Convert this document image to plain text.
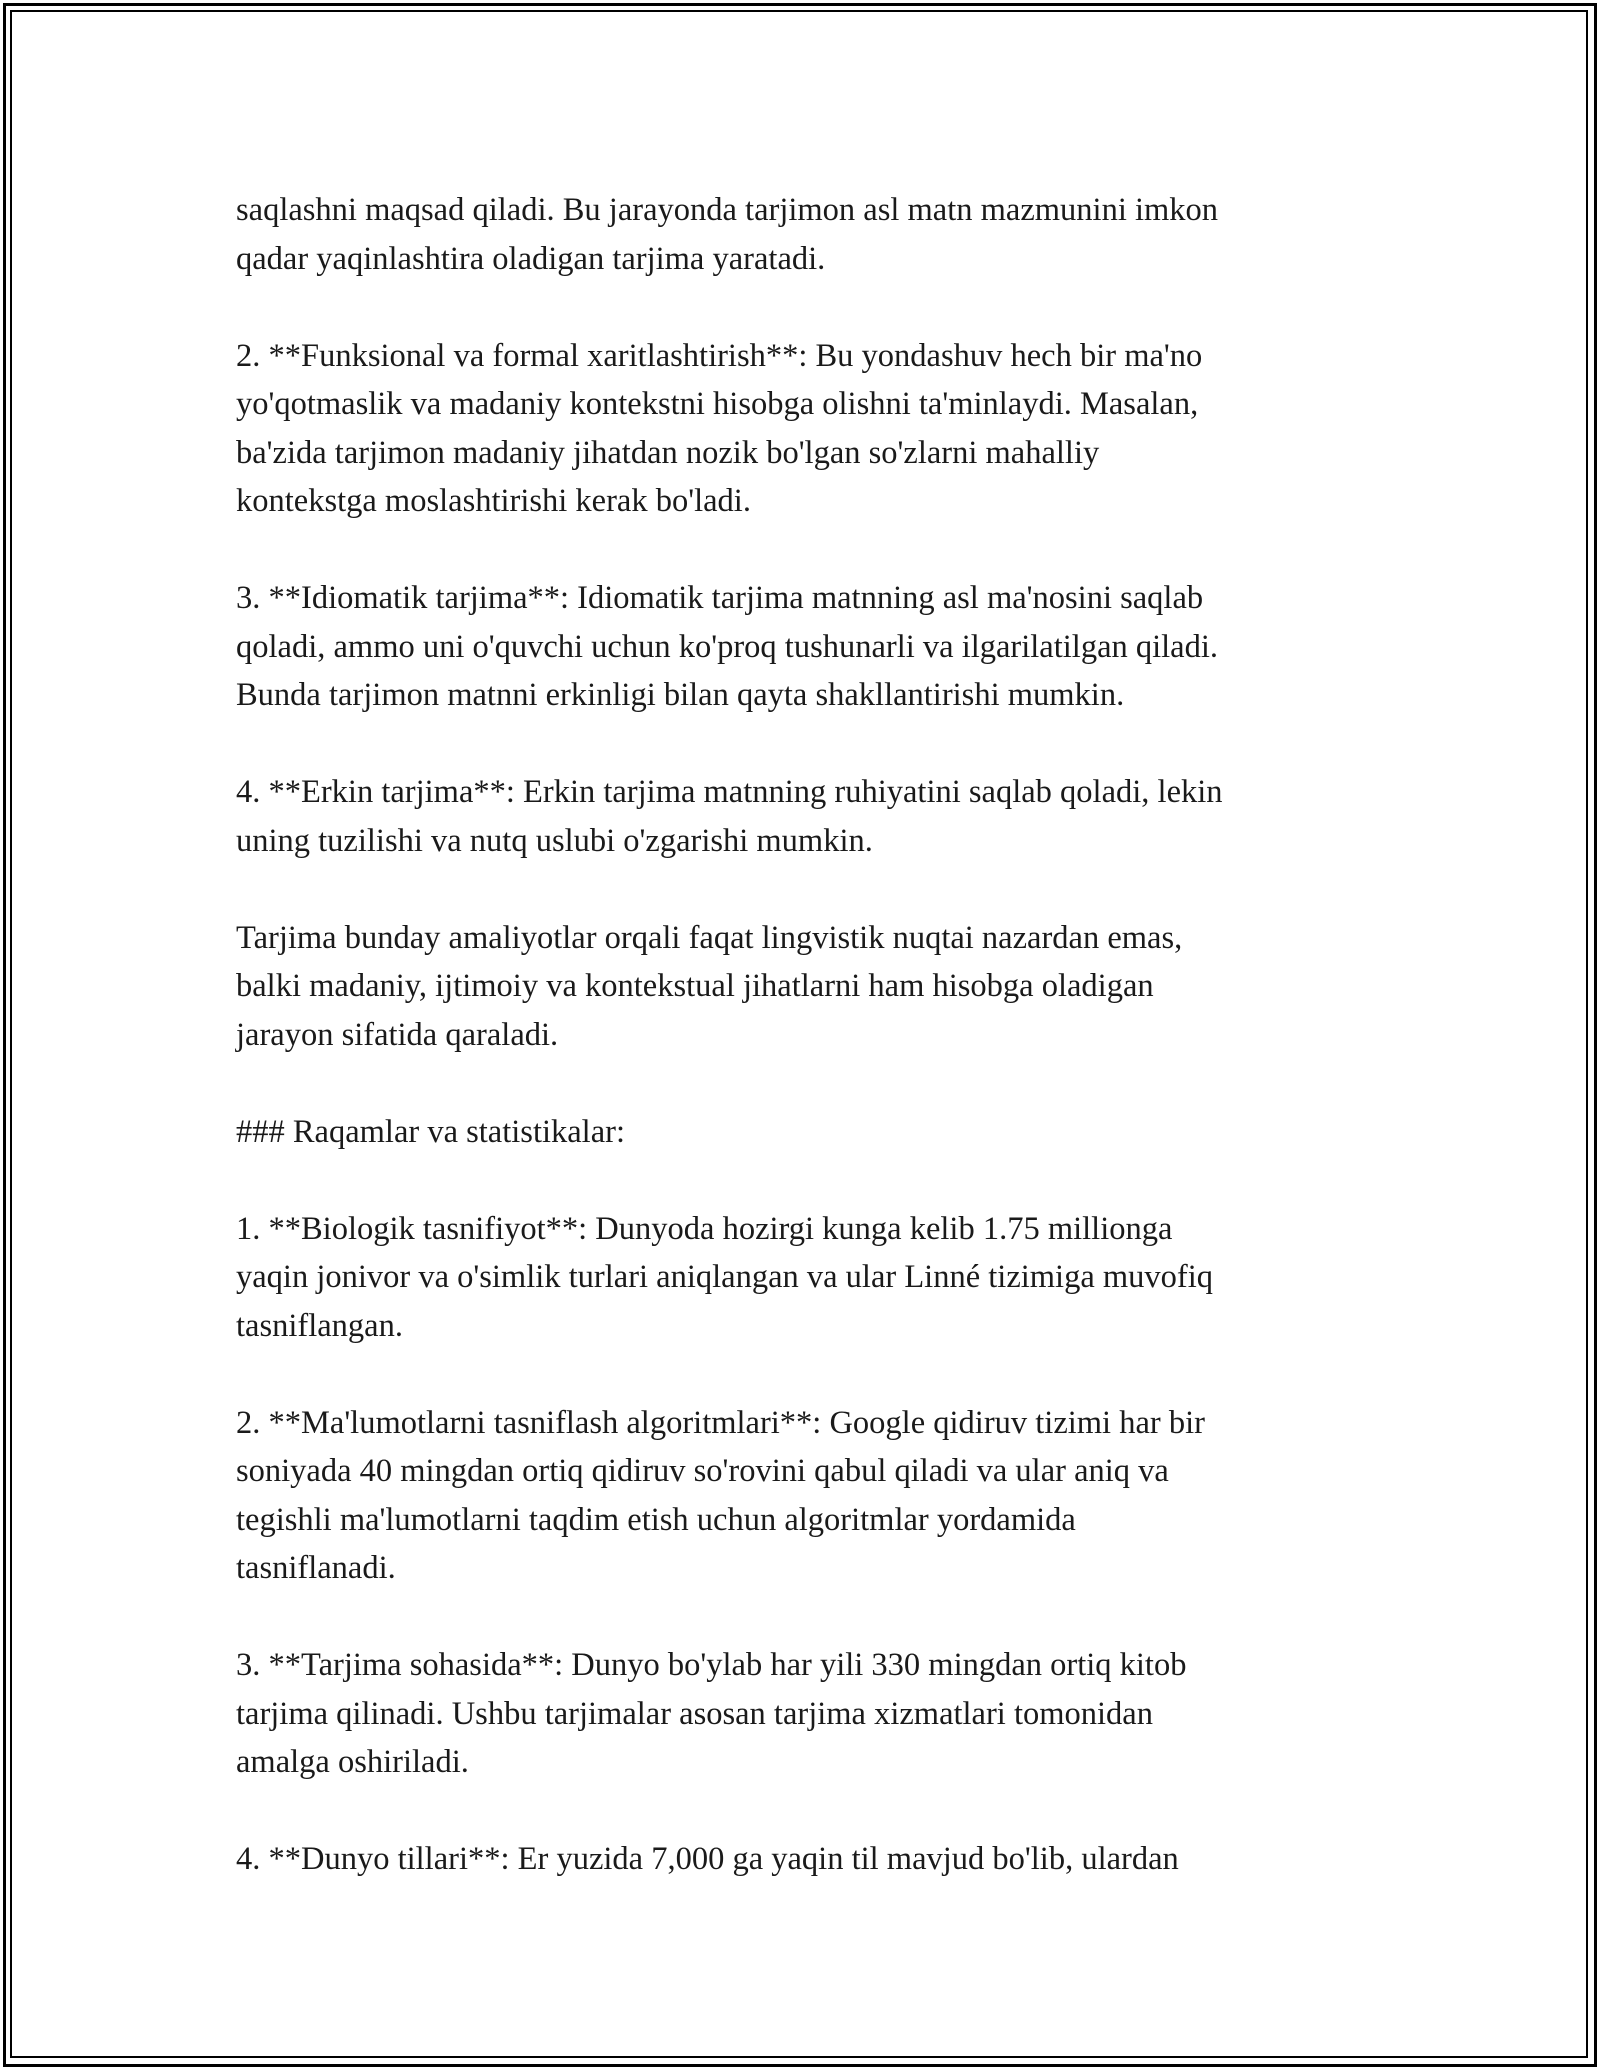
saqlashni maqsad qiladi. Bu jarayonda tarjimon asl matn mazmunini imkon
qadar yaqinlashtira oladigan tarjima yaratadi.

2. **Funksional va formal xaritlashtirish**: Bu yondashuv hech bir ma'no
yo'qotmaslik va madaniy kontekstni hisobga olishni ta'minlaydi. Masalan,
ba'zida tarjimon madaniy jihatdan nozik bo'lgan so'zlarni mahalliy
kontekstga moslashtirishi kerak bo'ladi.

3. **Idiomatik tarjima**: Idiomatik tarjima matnning asl ma'nosini saqlab
qoladi, ammo uni o'quvchi uchun ko'proq tushunarli va ilgarilatilgan qiladi.
Bunda tarjimon matnni erkinligi bilan qayta shakllantirishi mumkin.

4. **Erkin tarjima**: Erkin tarjima matnning ruhiyatini saqlab qoladi, lekin
uning tuzilishi va nutq uslubi o'zgarishi mumkin.

Tarjima bunday amaliyotlar orqali faqat lingvistik nuqtai nazardan emas,
balki madaniy, ijtimoiy va kontekstual jihatlarni ham hisobga oladigan
jarayon sifatida qaraladi.

### Raqamlar va statistikalar:

1. **Biologik tasnifiyot**: Dunyoda hozirgi kunga kelib 1.75 millionga
yaqin jonivor va o'simlik turlari aniqlangan va ular Linné tizimiga muvofiq
tasniflangan.

2. **Ma'lumotlarni tasniflash algoritmlari**: Google qidiruv tizimi har bir
soniyada 40 mingdan ortiq qidiruv so'rovini qabul qiladi va ular aniq va
tegishli ma'lumotlarni taqdim etish uchun algoritmlar yordamida
tasniflanadi.

3. **Tarjima sohasida**: Dunyo bo'ylab har yili 330 mingdan ortiq kitob
tarjima qilinadi. Ushbu tarjimalar asosan tarjima xizmatlari tomonidan
amalga oshiriladi.

4. **Dunyo tillari**: Er yuzida 7,000 ga yaqin til mavjud bo'lib, ulardan
